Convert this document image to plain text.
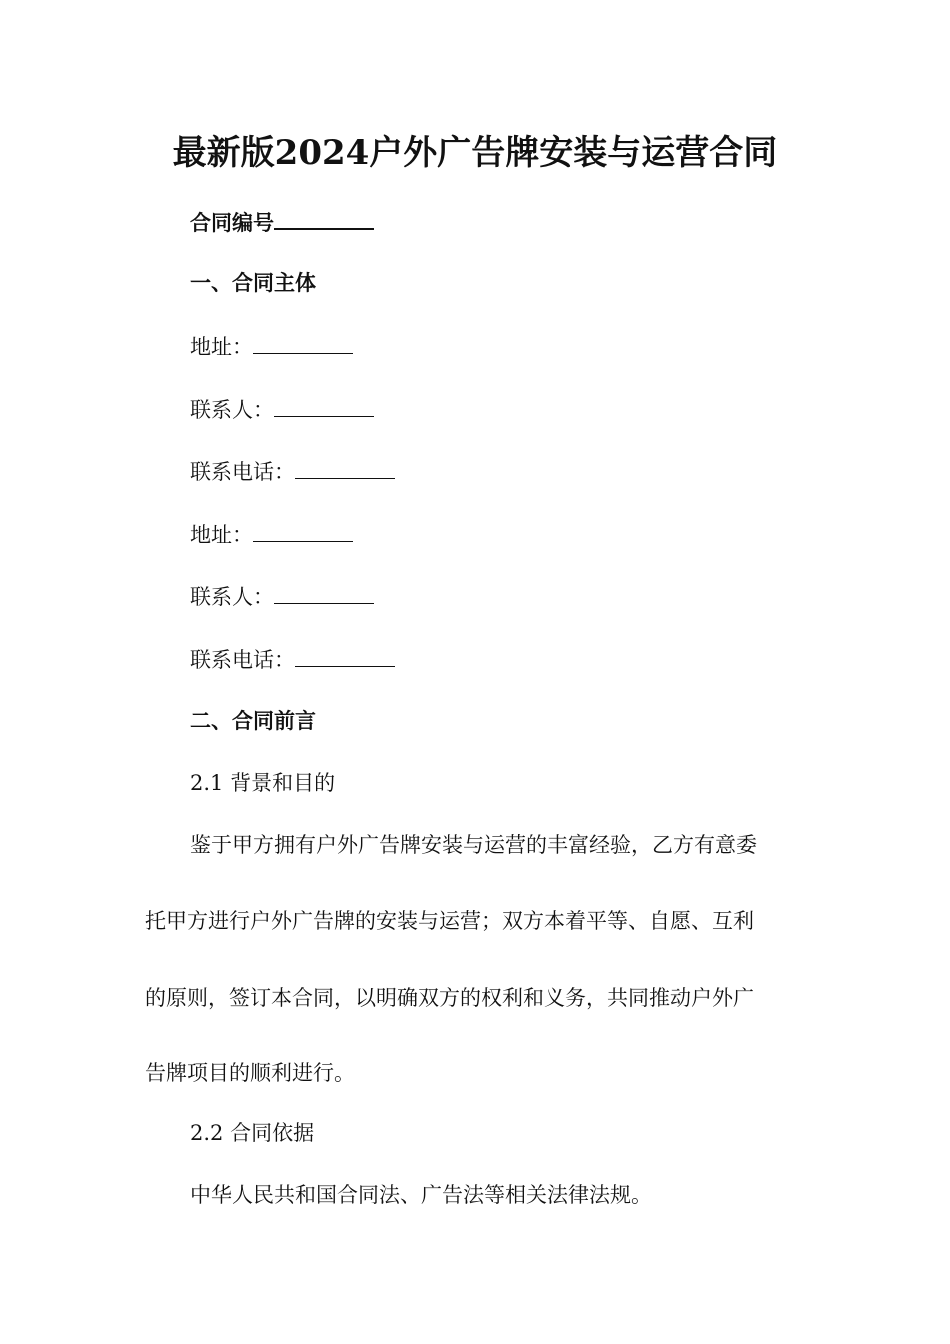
最新版2024户外广告牌安装与运营合同
合同编号
一、合同主体
地址：
联系人：
联系电话：
地址：
联系人：
联系电话：
二、合同前言
2.1 背景和目的
鉴于甲方拥有户外广告牌安装与运营的丰富经验，乙方有意委
托甲方进行户外广告牌的安装与运营；双方本着平等、自愿、互利
的原则，签订本合同，以明确双方的权利和义务，共同推动户外广
告牌项目的顺利进行。
2.2 合同依据
中华人民共和国合同法、广告法等相关法律法规。
